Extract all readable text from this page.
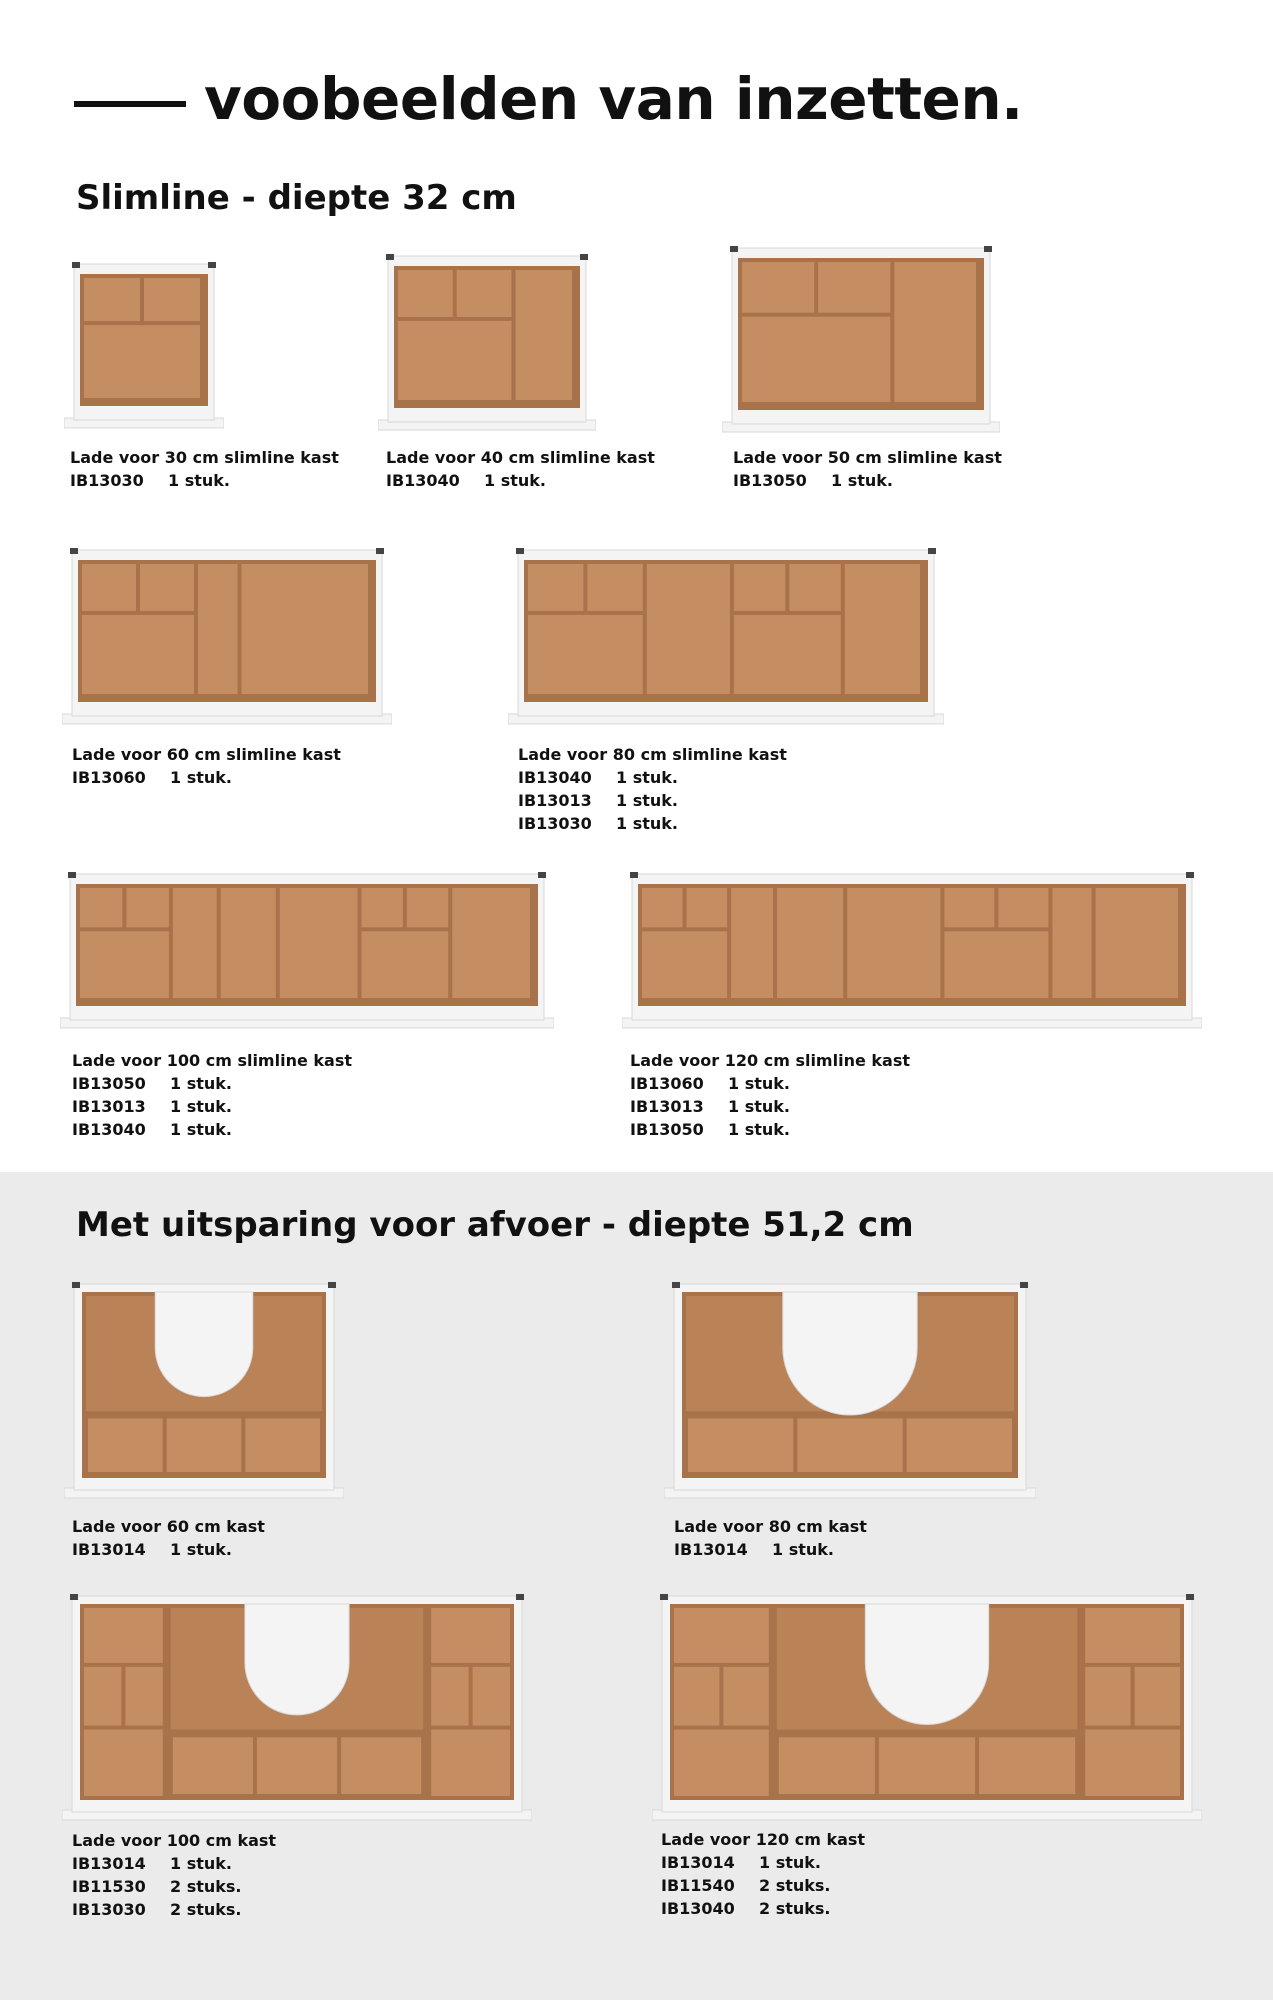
voobeelden van inzetten.
Slimline - diepte 32 cm
Met uitsparing voor afvoer - diepte 51,2 cm
Lade voor 30 cm slimline kast
IB13030	1 stuk.
Lade voor 40 cm slimline kast
IB13040	1 stuk.
Lade voor 50 cm slimline kast
IB13050	1 stuk.
Lade voor 60 cm slimline kast
IB13060	1 stuk.
Lade voor 80 cm slimline kast
IB13040	1 stuk.
IB13013	1 stuk.
IB13030	1 stuk.
Lade voor 100 cm slimline kast
IB13050	1 stuk.
IB13013	1 stuk.
IB13040	1 stuk.
Lade voor 120 cm slimline kast
IB13060	1 stuk.
IB13013	1 stuk.
IB13050	1 stuk.
Lade voor 60 cm kast
IB13014	1 stuk.
Lade voor 80 cm kast
IB13014	1 stuk.
Lade voor 100 cm kast
IB13014	1 stuk.
IB11530	2 stuks.
IB13030	2 stuks.
Lade voor 120 cm kast
IB13014	1 stuk.
IB11540	2 stuks.
IB13040	2 stuks.
